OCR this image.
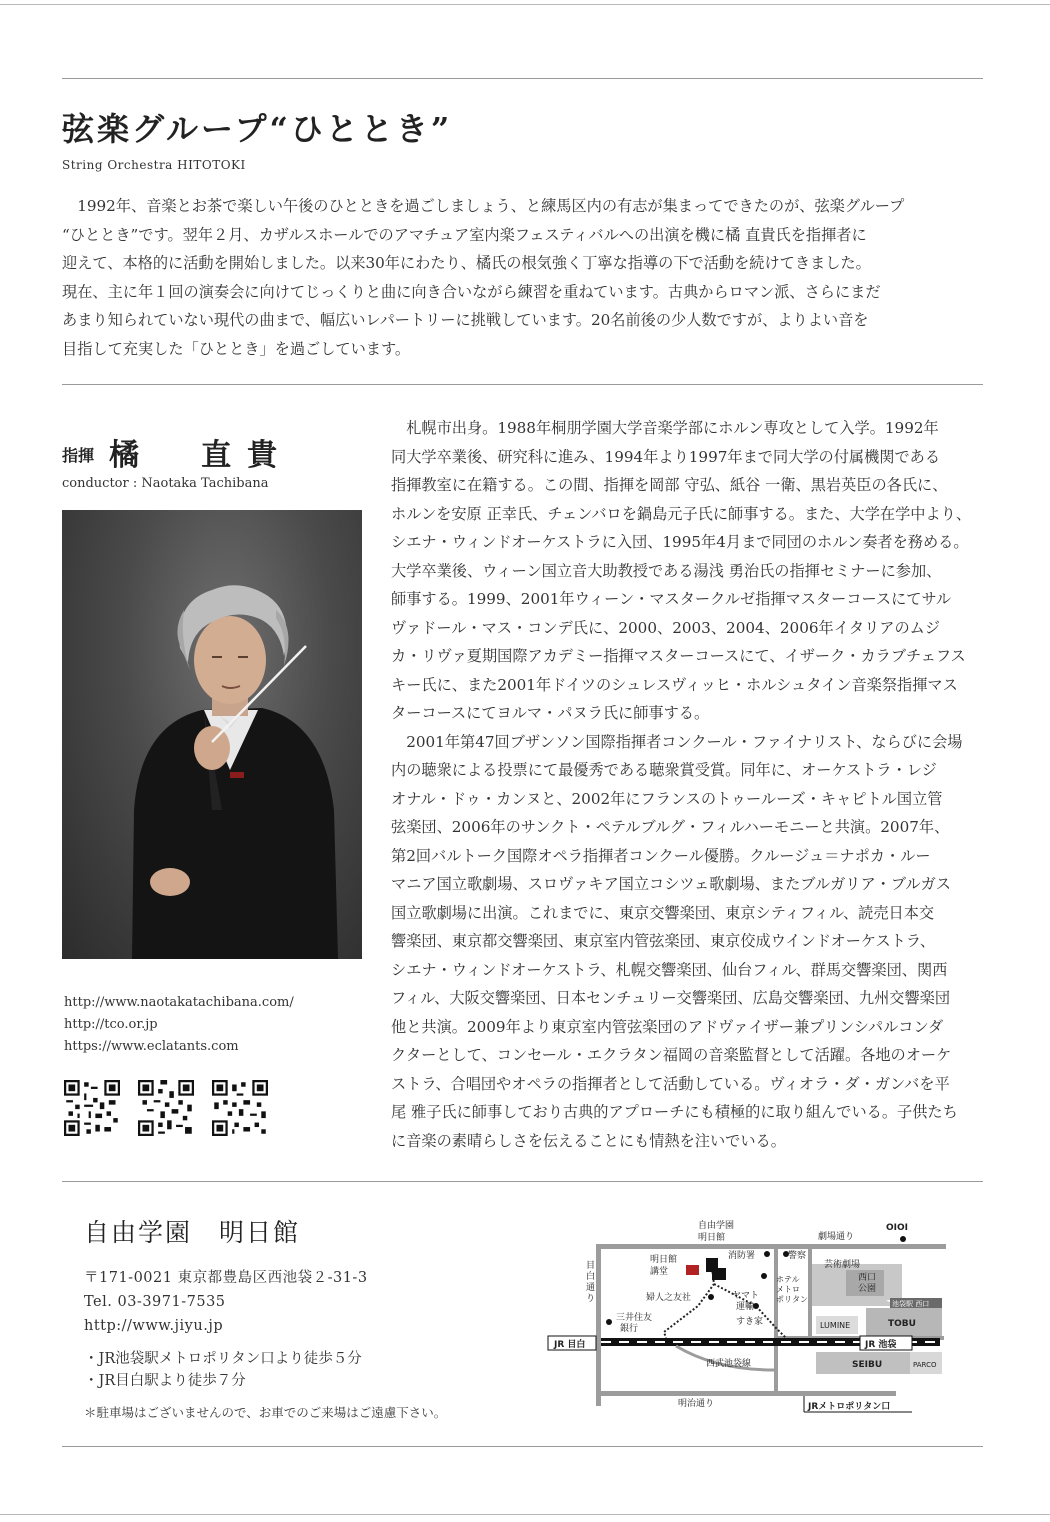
弦楽グループ“ひととき”
String Orchestra HITOTOKI
　1992年、音楽とお茶で楽しい午後のひとときを過ごしましょう、と練馬区内の有志が集まってできたのが、弦楽グループ
“ひととき”です。翌年２月、カザルスホールでのアマチュア室内楽フェスティバルへの出演を機に橘 直貴氏を指揮者に
迎えて、本格的に活動を開始しました。以来30年にわたり、橘氏の根気強く丁寧な指導の下で活動を続けてきました。
現在、主に年１回の演奏会に向けてじっくりと曲に向き合いながら練習を重ねています。古典からロマン派、さらにまだ
あまり知られていない現代の曲まで、幅広いレパートリーに挑戦しています。20名前後の少人数ですが、よりよい音を
目指して充実した「ひととき」を過ごしています。
指揮 橘　直貴
conductor : Naotaka Tachibana
http://www.naotakatachibana.com/
http://tco.or.jp
https://www.eclatants.com
　札幌市出身。1988年桐朋学園大学音楽学部にホルン専攻として入学。1992年
同大学卒業後、研究科に進み、1994年より1997年まで同大学の付属機関である
指揮教室に在籍する。この間、指揮を岡部 守弘、紙谷 一衛、黒岩英臣の各氏に、
ホルンを安原 正幸氏、チェンバロを鍋島元子氏に師事する。また、大学在学中より、
シエナ・ウィンドオーケストラに入団、1995年4月まで同団のホルン奏者を務める。
大学卒業後、ウィーン国立音大助教授である湯浅 勇治氏の指揮セミナーに参加、
師事する。1999、2001年ウィーン・マスタークルゼ指揮マスターコースにてサル
ヴァドール・マス・コンデ氏に、2000、2003、2004、2006年イタリアのムジ
カ・リヴァ夏期国際アカデミー指揮マスターコースにて、イザーク・カラブチェフス
キー氏に、また2001年ドイツのシュレスヴィッヒ・ホルシュタイン音楽祭指揮マス
ターコースにてヨルマ・パヌラ氏に師事する。
　2001年第47回ブザンソン国際指揮者コンクール・ファイナリスト、ならびに会場
内の聴衆による投票にて最優秀である聴衆賞受賞。同年に、オーケストラ・レジ
オナル・ドゥ・カンヌと、2002年にフランスのトゥールーズ・キャピトル国立管
弦楽団、2006年のサンクト・ペテルブルグ・フィルハーモニーと共演。2007年、
第2回バルトーク国際オペラ指揮者コンクール優勝。クルージュ＝ナポカ・ルー
マニア国立歌劇場、スロヴァキア国立コシツェ歌劇場、またブルガリア・ブルガス
国立歌劇場に出演。これまでに、東京交響楽団、東京シティフィル、読売日本交
響楽団、東京都交響楽団、東京室内管弦楽団、東京佼成ウインドオーケストラ、
シエナ・ウィンドオーケストラ、札幌交響楽団、仙台フィル、群馬交響楽団、関西
フィル、大阪交響楽団、日本センチュリー交響楽団、広島交響楽団、九州交響楽団
他と共演。2009年より東京室内管弦楽団のアドヴァイザー兼プリンシパルコンダ
クターとして、コンセール・エクラタン福岡の音楽監督として活躍。各地のオーケ
ストラ、合唱団やオペラの指揮者として活動している。ヴィオラ・ダ・ガンバを平
尾 雅子氏に師事しており古典的アプローチにも積極的に取り組んでいる。子供たち
に音楽の素晴らしさを伝えることにも情熱を注いでいる。
自由学園　明日館
〒171-0021 東京都豊島区西池袋２-31-3
Tel. 03-3971-7535
http://www.jiyu.jp
・JR池袋駅メトロポリタン口より徒歩５分
・JR目白駅より徒歩７分
＊駐車場はございませんので、お車でのご来場はご遠慮下さい。
自由学園
明日館
明日館
講堂
消防署	警察
劇場通り
OIOI
芸術劇場
西口
公園
目
白
通
り	婦人之友社	ヤマト
運輸
ホテル
メトロ
ポリタン
三井住友
銀行
すき家	LUMINE	TOBU
池袋駅 西口
JR 目白	JR 池袋
西武池袋線	SEIBU	PARCO
明治通り	JRメトロポリタン口
